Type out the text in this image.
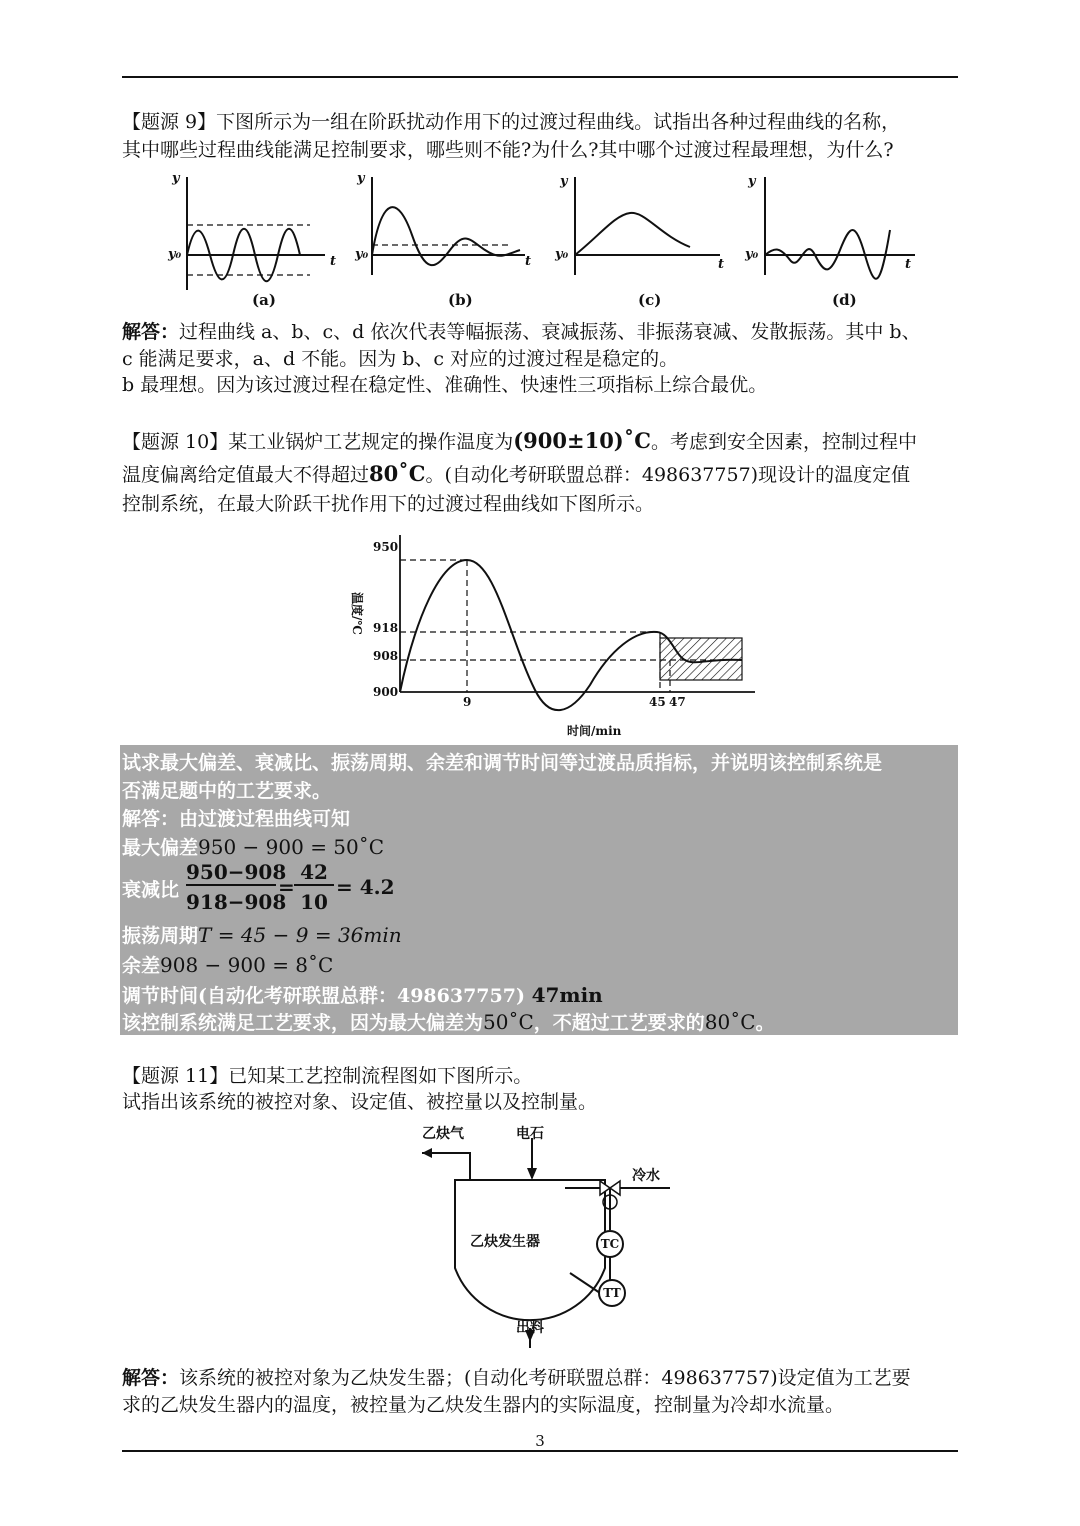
【题源 9】下图所示为一组在阶跃扰动作用下的过渡过程曲线。试指出各种过程曲线的名称，
其中哪些过程曲线能满足控制要求，哪些则不能?为什么?其中哪个过渡过程最理想，为什么?
y
y₀	t
y
y₀	t
y
y₀
t
y
y₀
t
(a)	(b)	(c)	(d)
解答：过程曲线 a、b、c、d 依次代表等幅振荡、衰减振荡、非振荡衰减、发散振荡。其中 b、
c 能满足要求，a、d 不能。因为 b、c 对应的过渡过程是稳定的。
b 最理想。因为该过渡过程在稳定性、准确性、快速性三项指标上综合最优。
【题源 10】某工业锅炉工艺规定的操作温度为(900±10)˚C。考虑到安全因素，控制过程中
温度偏离给定值最大不得超过80˚C。(自动化考研联盟总群：498637757)现设计的温度定值
控制系统，在最大阶跃干扰作用下的过渡过程曲线如下图所示。
950
918
908
900
9	45 47
时间/min
温度/℃
试求最大偏差、衰减比、振荡周期、余差和调节时间等过渡品质指标，并说明该控制系统是
否满足题中的工艺要求。
解答：由过渡过程曲线可知
最大偏差950 − 900 = 50˚C
衰减比
950−908
918−908
=
42
10
= 4.2
振荡周期T = 45 − 9 = 36min
余差908 − 900 = 8˚C
调节时间(自动化考研联盟总群：498637757) 47min
该控制系统满足工艺要求，因为最大偏差为50˚C，不超过工艺要求的80˚C。
【题源 11】已知某工艺控制流程图如下图所示。
试指出该系统的被控对象、设定值、被控量以及控制量。
乙炔气	电石
冷水
乙炔发生器
出料
TC
TT
解答：该系统的被控对象为乙炔发生器；(自动化考研联盟总群：498637757)设定值为工艺要
求的乙炔发生器内的温度，被控量为乙炔发生器内的实际温度，控制量为冷却水流量。
3
